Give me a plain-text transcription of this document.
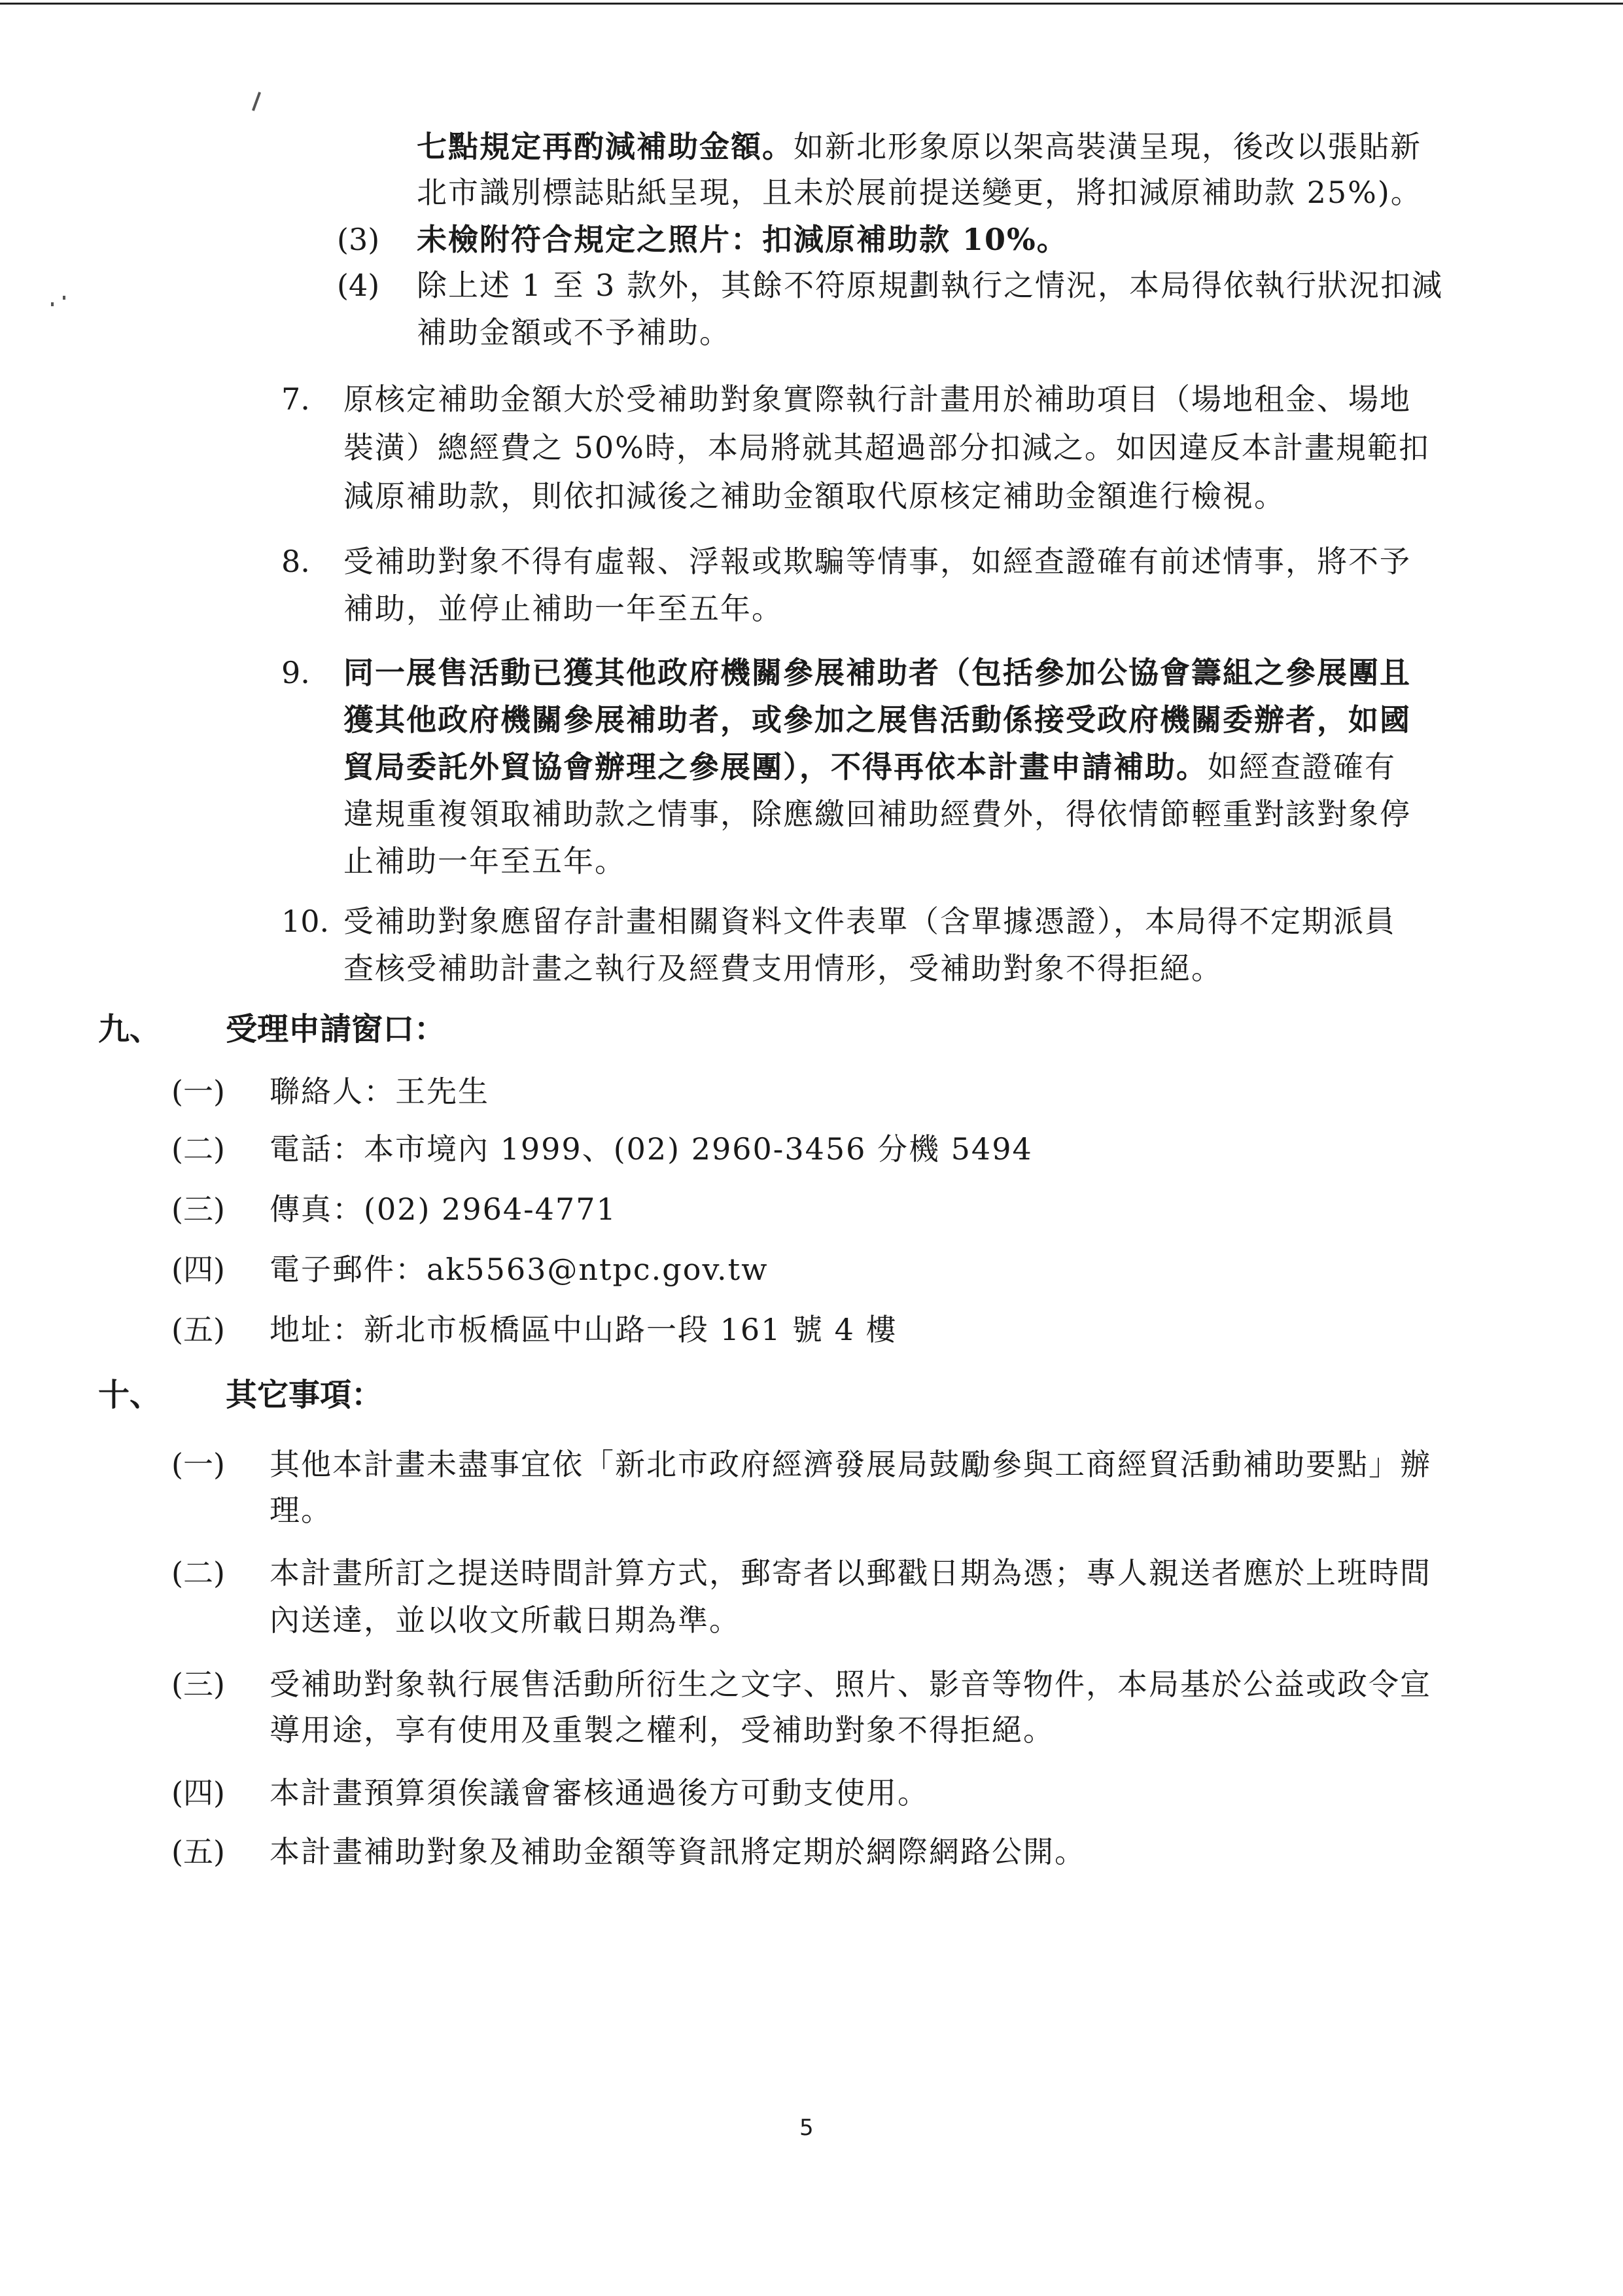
七點規定再酌減補助金額。如新北形象原以架高裝潢呈現，後改以張貼新
北市識別標誌貼紙呈現，且未於展前提送變更，將扣減原補助款 25%)。
(3) 未檢附符合規定之照片：扣減原補助款 10%。
(4) 除上述 1 至 3 款外，其餘不符原規劃執行之情況，本局得依執行狀況扣減
補助金額或不予補助。
7. 原核定補助金額大於受補助對象實際執行計畫用於補助項目（場地租金、場地
裝潢）總經費之 50%時，本局將就其超過部分扣減之。如因違反本計畫規範扣
減原補助款，則依扣減後之補助金額取代原核定補助金額進行檢視。
8. 受補助對象不得有虛報、浮報或欺騙等情事，如經查證確有前述情事，將不予
補助，並停止補助一年至五年。
9. 同一展售活動已獲其他政府機關參展補助者（包括參加公協會籌組之參展團且
獲其他政府機關參展補助者，或參加之展售活動係接受政府機關委辦者，如國
貿局委託外貿協會辦理之參展團），不得再依本計畫申請補助。如經查證確有
違規重複領取補助款之情事，除應繳回補助經費外，得依情節輕重對該對象停
止補助一年至五年。
10. 受補助對象應留存計畫相關資料文件表單（含單據憑證），本局得不定期派員
查核受補助計畫之執行及經費支用情形，受補助對象不得拒絕。
九、 受理申請窗口：
(一) 聯絡人：王先生
(二) 電話：本市境內 1999、(02) 2960-3456 分機 5494
(三) 傳真：(02) 2964-4771
(四) 電子郵件：ak5563@ntpc.gov.tw
(五) 地址：新北市板橋區中山路一段 161 號 4 樓
十、 其它事項：
(一) 其他本計畫未盡事宜依「新北市政府經濟發展局鼓勵參與工商經貿活動補助要點」辦
理。
(二) 本計畫所訂之提送時間計算方式，郵寄者以郵戳日期為憑；專人親送者應於上班時間
內送達，並以收文所載日期為準。
(三) 受補助對象執行展售活動所衍生之文字、照片、影音等物件，本局基於公益或政令宣
導用途，享有使用及重製之權利，受補助對象不得拒絕。
(四) 本計畫預算須俟議會審核通過後方可動支使用。
(五) 本計畫補助對象及補助金額等資訊將定期於網際網路公開。
5
